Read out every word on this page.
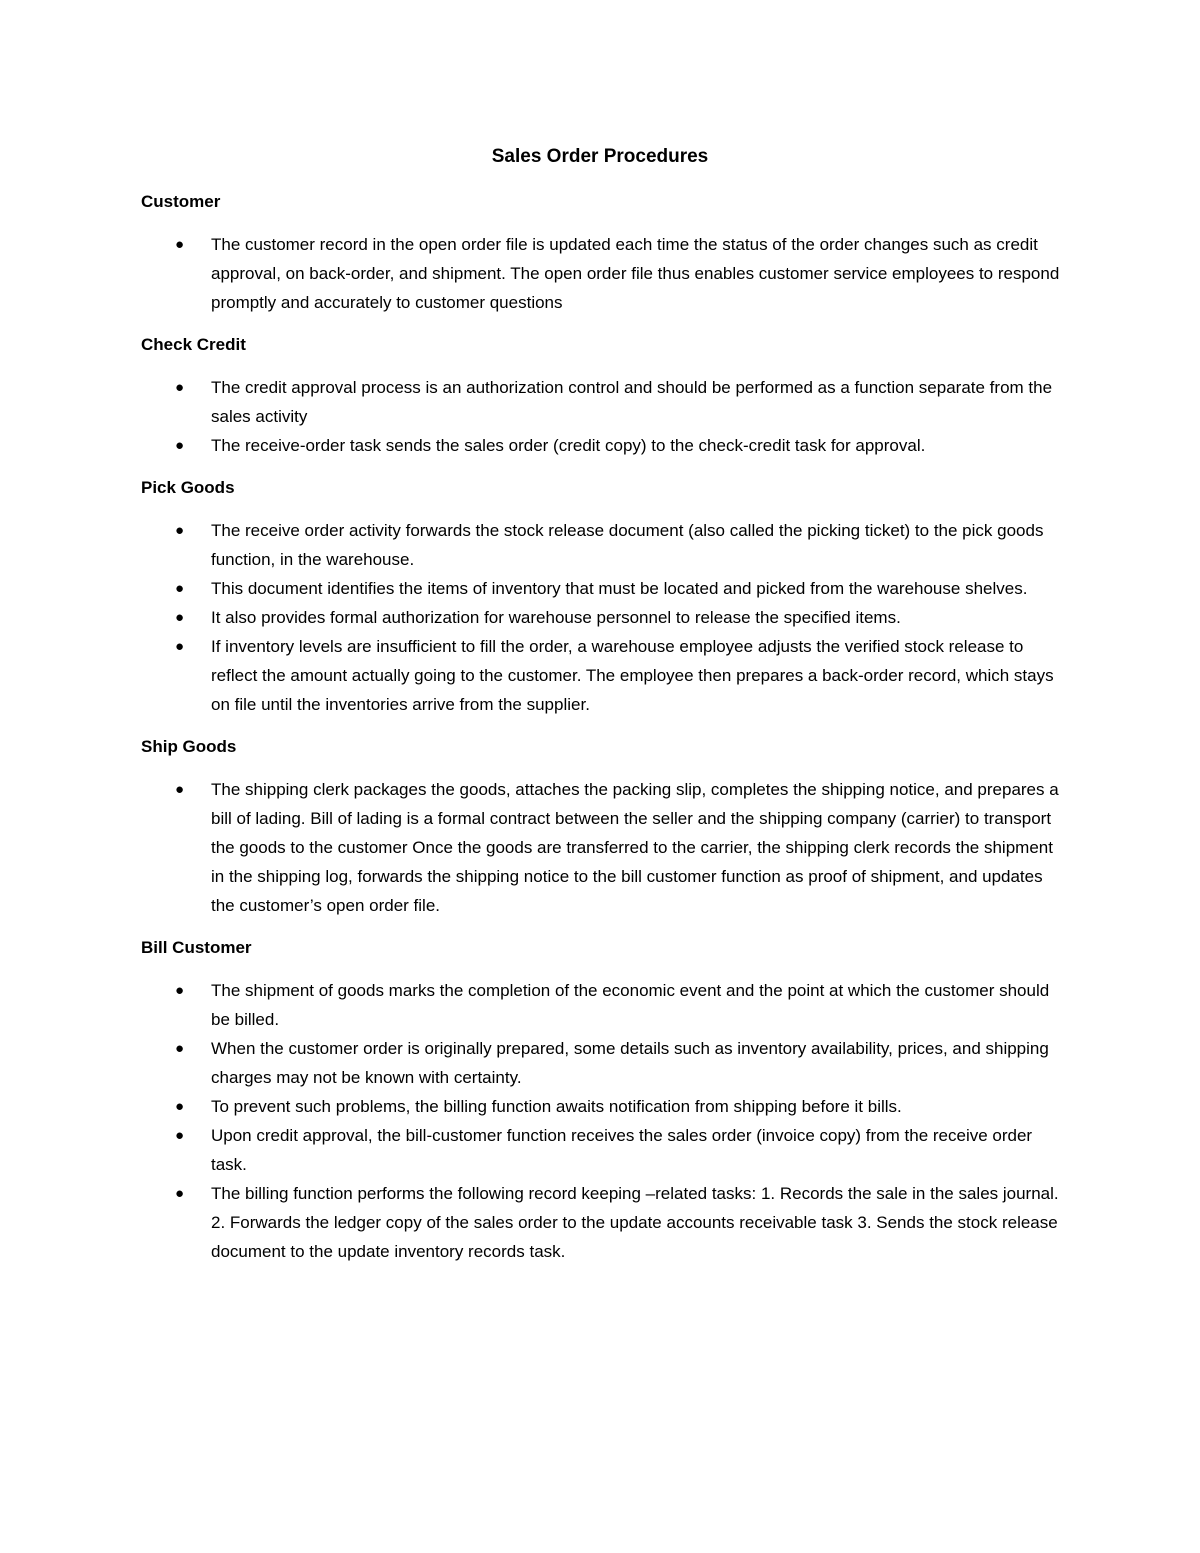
Sales Order Procedures
Customer
● The customer record in the open order file is updated each time the status of the order changes such as credit approval, on back-order, and shipment. The open order file thus enables customer service employees to respond promptly and accurately to customer questions
Check Credit
● The credit approval process is an authorization control and should be performed as a function separate from the sales activity
● The receive-order task sends the sales order (credit copy) to the check-credit task for approval.
Pick Goods
● The receive order activity forwards the stock release document (also called the picking ticket) to the pick goods function, in the warehouse.
● This document identifies the items of inventory that must be located and picked from the warehouse shelves.
● It also provides formal authorization for warehouse personnel to release the specified items.
● If inventory levels are insufficient to fill the order, a warehouse employee adjusts the verified stock release to reflect the amount actually going to the customer. The employee then prepares a back-order record, which stays on file until the inventories arrive from the supplier.
Ship Goods
● The shipping clerk packages the goods, attaches the packing slip, completes the shipping notice, and prepares a bill of lading. Bill of lading is a formal contract between the seller and the shipping company (carrier) to transport the goods to the customer Once the goods are transferred to the carrier, the shipping clerk records the shipment in the shipping log, forwards the shipping notice to the bill customer function as proof of shipment, and updates the customer’s open order file.
Bill Customer
● The shipment of goods marks the completion of the economic event and the point at which the customer should be billed.
● When the customer order is originally prepared, some details such as inventory availability, prices, and shipping charges may not be known with certainty.
● To prevent such problems, the billing function awaits notification from shipping before it bills.
● Upon credit approval, the bill-customer function receives the sales order (invoice copy) from the receive order task.
● The billing function performs the following record keeping –related tasks: 1. Records the sale in the sales journal. 2. Forwards the ledger copy of the sales order to the update accounts receivable task 3. Sends the stock release document to the update inventory records task.
